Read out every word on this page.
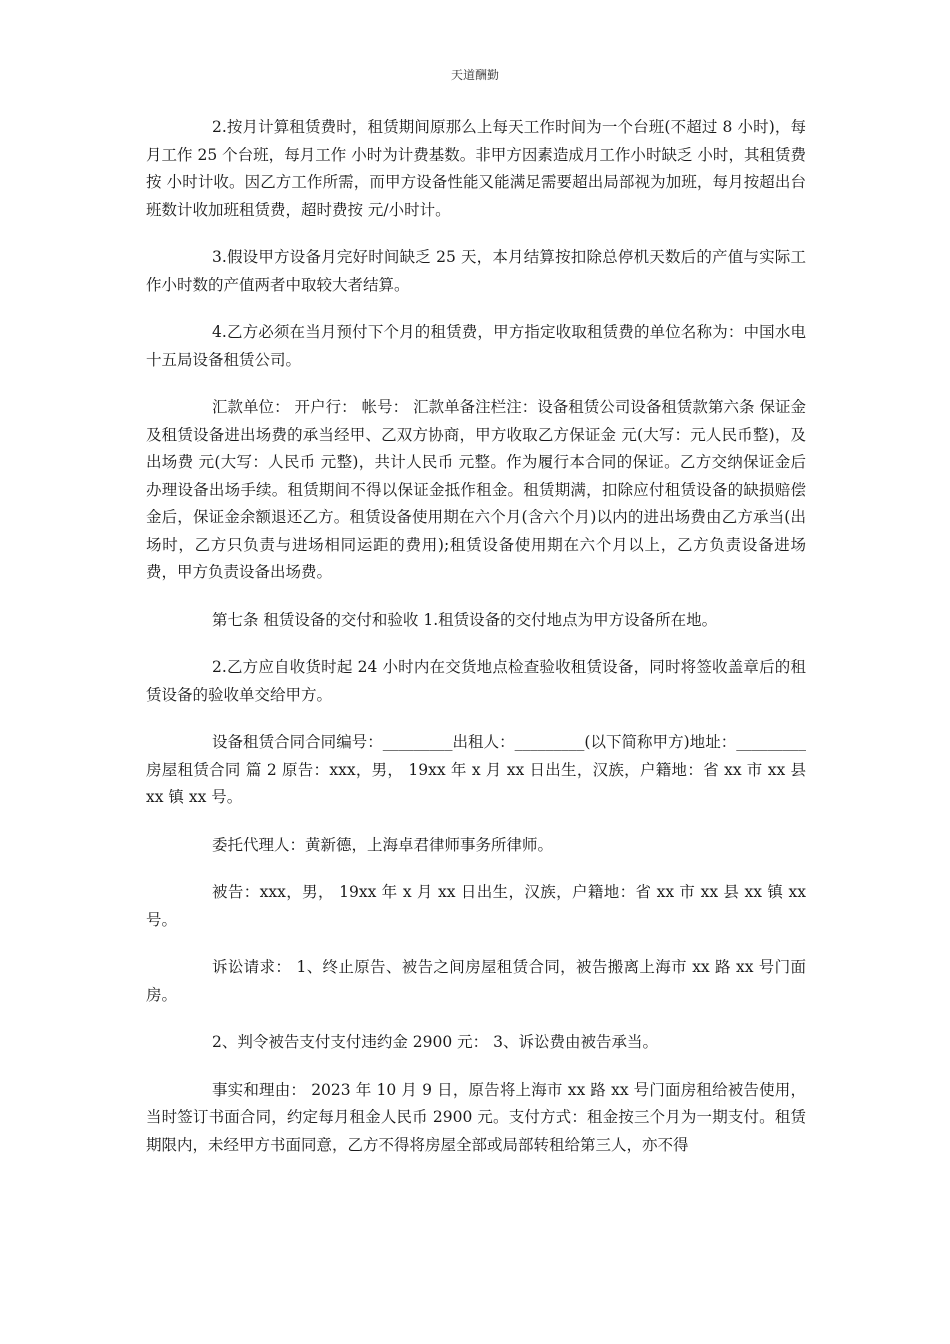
天道酬勤

2.按月计算租赁费时，租赁期间原那么上每天工作时间为一个台班(不超过 8 小时)，每月工作 25 个台班，每月工作 小时为计费基数。非甲方因素造成月工作小时缺乏 小时，其租赁费按 小时计收。因乙方工作所需，而甲方设备性能又能满足需要超出局部视为加班，每月按超出台班数计收加班租赁费，超时费按 元/小时计。

3.假设甲方设备月完好时间缺乏 25 天，本月结算按扣除总停机天数后的产值与实际工作小时数的产值两者中取较大者结算。

4.乙方必须在当月预付下个月的租赁费，甲方指定收取租赁费的单位名称为：中国水电十五局设备租赁公司。

汇款单位： 开户行： 帐号： 汇款单备注栏注：设备租赁公司设备租赁款第六条 保证金及租赁设备进出场费的承当经甲、乙双方协商，甲方收取乙方保证金 元(大写：元人民币整)，及出场费 元(大写：人民币 元整)，共计人民币 元整。作为履行本合同的保证。乙方交纳保证金后办理设备出场手续。租赁期间不得以保证金抵作租金。租赁期满，扣除应付租赁设备的缺损赔偿金后，保证金余额退还乙方。租赁设备使用期在六个月(含六个月)以内的进出场费由乙方承当(出场时，乙方只负责与进场相同运距的费用);租赁设备使用期在六个月以上，乙方负责设备进场费，甲方负责设备出场费。

第七条 租赁设备的交付和验收 1.租赁设备的交付地点为甲方设备所在地。

2.乙方应自收货时起 24 小时内在交货地点检查验收租赁设备，同时将签收盖章后的租赁设备的验收单交给甲方。

设备租赁合同合同编号：_________出租人：_________(以下简称甲方)地址：_________ 房屋租赁合同 篇 2 原告：xxx，男， 19xx 年 x 月 xx 日出生，汉族，户籍地：省 xx 市 xx 县 xx 镇 xx 号。

委托代理人：黄新德，上海卓君律师事务所律师。

被告：xxx，男， 19xx 年 x 月 xx 日出生，汉族，户籍地：省 xx 市 xx 县 xx 镇 xx 号。

诉讼请求： 1、终止原告、被告之间房屋租赁合同，被告搬离上海市 xx 路 xx 号门面房。

2、判令被告支付支付违约金 2900 元： 3、诉讼费由被告承当。

事实和理由： 2023 年 10 月 9 日，原告将上海市 xx 路 xx 号门面房租给被告使用，当时签订书面合同，约定每月租金人民币 2900 元。支付方式：租金按三个月为一期支付。租赁期限内，未经甲方书面同意，乙方不得将房屋全部或局部转租给第三人，亦不得
